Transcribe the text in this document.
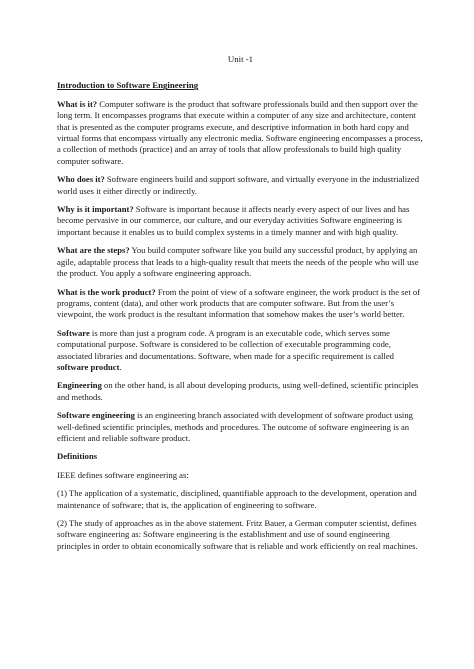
Unit -1
Introduction to Software Engineering

What is it? Computer software is the product that software professionals build and then support over the long term. It encompasses programs that execute within a computer of any size and architecture, content that is presented as the computer programs execute, and descriptive information in both hard copy and virtual forms that encompass virtually any electronic media. Software engineering encompasses a process, a collection of methods (practice) and an array of tools that allow professionals to build high quality computer software.

Who does it? Software engineers build and support software, and virtually everyone in the industrialized world uses it either directly or indirectly.

Why is it important? Software is important because it affects nearly every aspect of our lives and has become pervasive in our commerce, our culture, and our everyday activities Software engineering is important because it enables us to build complex systems in a timely manner and with high quality.

What are the steps? You build computer software like you build any successful product, by applying an agile, adaptable process that leads to a high-quality result that meets the needs of the people who will use the product. You apply a software engineering approach.

What is the work product? From the point of view of a software engineer, the work product is the set of programs, content (data), and other work products that are computer software. But from the user’s viewpoint, the work product is the resultant information that somehow makes the user’s world better.

Software is more than just a program code. A program is an executable code, which serves some computational purpose. Software is considered to be collection of executable programming code, associated libraries and documentations. Software, when made for a specific requirement is called software product.

Engineering on the other hand, is all about developing products, using well-defined, scientific principles and methods.

Software engineering is an engineering branch associated with development of software product using well-defined scientific principles, methods and procedures. The outcome of software engineering is an efficient and reliable software product.

Definitions

IEEE defines software engineering as:

(1) The application of a systematic, disciplined, quantifiable approach to the development, operation and maintenance of software; that is, the application of engineering to software.

(2) The study of approaches as in the above statement. Fritz Bauer, a German computer scientist, defines software engineering as: Software engineering is the establishment and use of sound engineering principles in order to obtain economically software that is reliable and work efficiently on real machines.
